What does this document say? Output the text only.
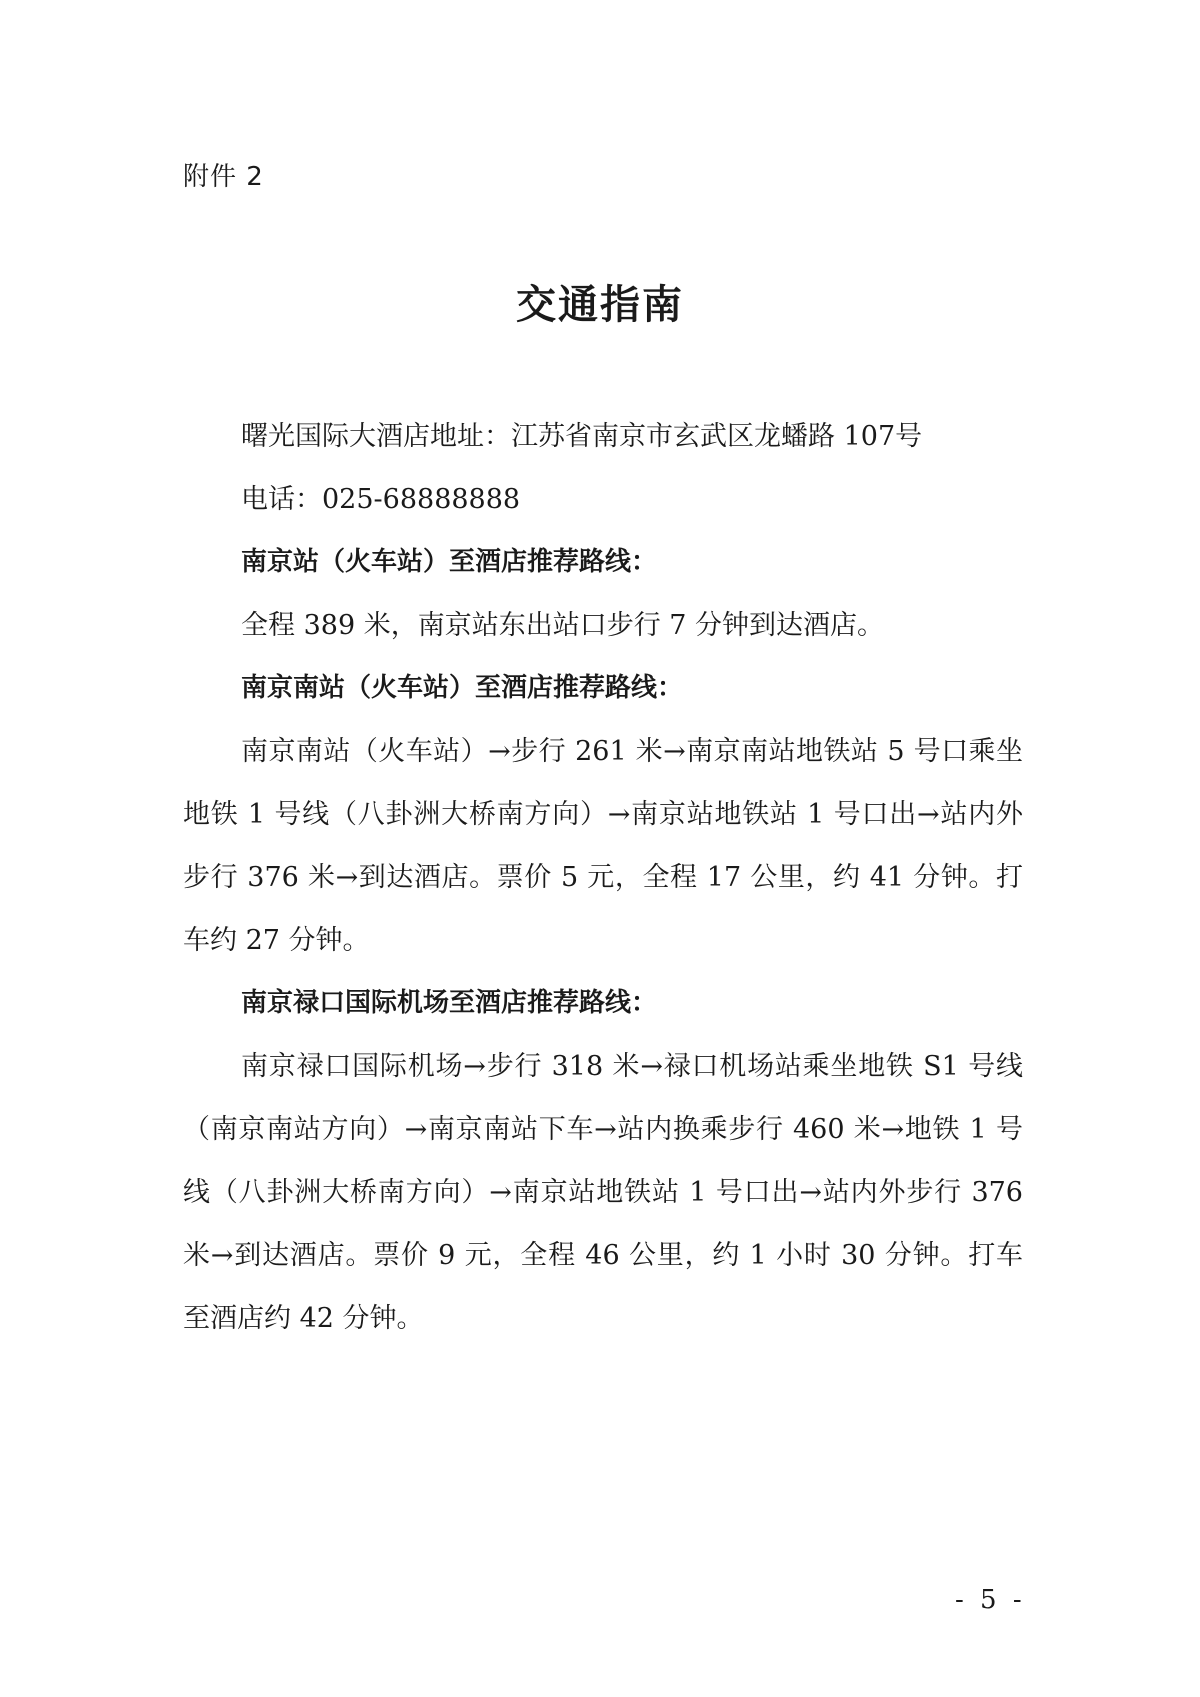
附件 2
交通指南
曙光国际大酒店地址：江苏省南京市玄武区龙蟠路 107号
电话：025-68888888
南京站（火车站）至酒店推荐路线：
全程 389 米，南京站东出站口步行 7 分钟到达酒店。
南京南站（火车站）至酒店推荐路线：
南京南站（火车站）→步行 261 米→南京南站地铁站 5 号口乘坐地铁 1 号线（八卦洲大桥南方向）→南京站地铁站 1 号口出→站内外步行 376 米→到达酒店。票价 5 元，全程 17 公里，约 41 分钟。打车约 27 分钟。
南京禄口国际机场至酒店推荐路线：
南京禄口国际机场→步行 318 米→禄口机场站乘坐地铁 S1 号线（南京南站方向）→南京南站下车→站内换乘步行 460 米→地铁 1 号线（八卦洲大桥南方向）→南京站地铁站 1 号口出→站内外步行 376 米→到达酒店。票价 9 元，全程 46 公里，约 1 小时 30 分钟。打车至酒店约 42 分钟。
- 5 -
